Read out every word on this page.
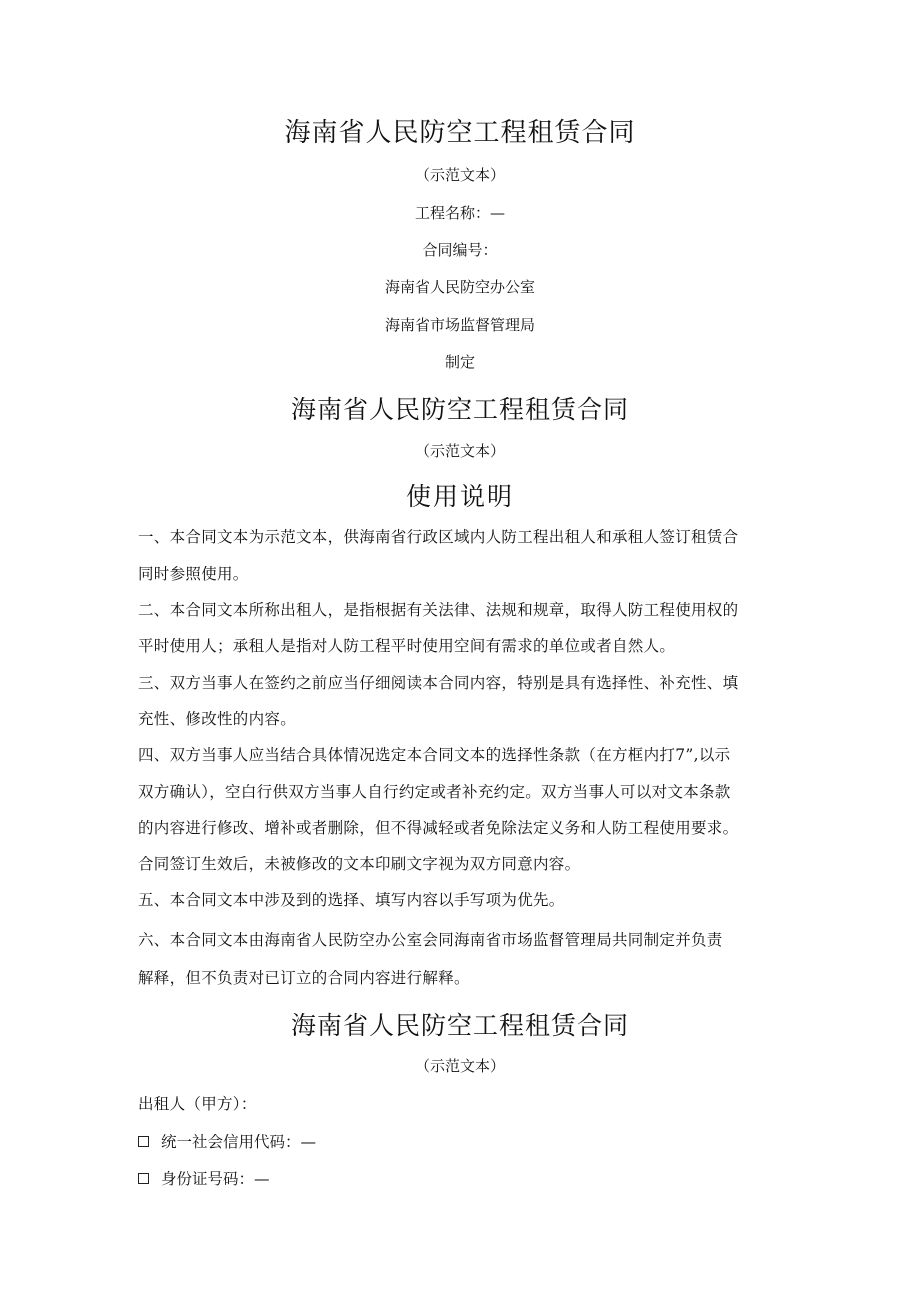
海南省人民防空工程租赁合同
（示范文本）
工程名称：—
合同编号：
海南省人民防空办公室
海南省市场监督管理局
制定
海南省人民防空工程租赁合同
（示范文本）
使用说明
一、本合同文本为示范文本，供海南省行政区域内人防工程出租人和承租人签订租赁合
同时参照使用。
二、本合同文本所称出租人，是指根据有关法律、法规和规章，取得人防工程使用权的
平时使用人；承租人是指对人防工程平时使用空间有需求的单位或者自然人。
三、双方当事人在签约之前应当仔细阅读本合同内容，特别是具有选择性、补充性、填
充性、修改性的内容。
四、双方当事人应当结合具体情况选定本合同文本的选择性条款（在方框内打7”,以示
双方确认），空白行供双方当事人自行约定或者补充约定。双方当事人可以对文本条款
的内容进行修改、增补或者删除，但不得减轻或者免除法定义务和人防工程使用要求。
合同签订生效后，未被修改的文本印刷文字视为双方同意内容。
五、本合同文本中涉及到的选择、填写内容以手写项为优先。
六、本合同文本由海南省人民防空办公室会同海南省市场监督管理局共同制定并负责
解释，但不负责对已订立的合同内容进行解释。
海南省人民防空工程租赁合同
（示范文本）
出租人（甲方）：
统一社会信用代码：—
身份证号码：—
